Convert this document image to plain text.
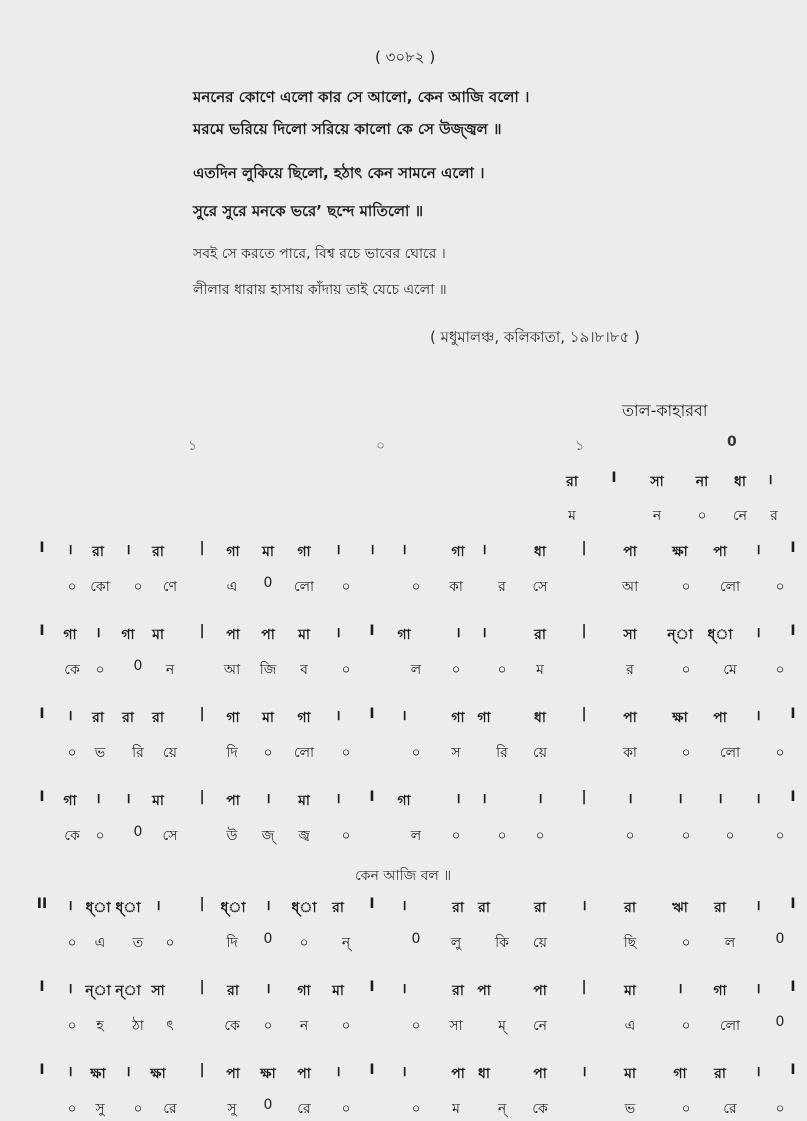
( ৩০৮২ )
মননের কোণে এলো কার সে আলো, কেন আজি বলো ।
মরমে ভরিয়ে দিলো সরিয়ে কালো কে সে উজ্জ্বল ॥
এতদিন লুকিয়ে ছিলো, হঠাৎ কেন সামনে এলো ।
সুরে সুরে মনকে ভরে’ ছন্দে মাতিলো ॥
সবই সে করতে পারে, বিশ্ব রচে ভাবের ঘোরে ।
লীলার ধারায় হাসায় কাঁদায় তাই যেচে এলো ॥
( মধুমালঞ্চ, কলিকাতা, ১৯।৮।৮৫ )
তাল-কাহারবা
১	০	১	0
রা I সা না ধা ।
ম	ন	০ নে র
I । রা । রা	| গা মা গা । । ।	গা ।	ধা	|	পা	ক্ষা পা । I
০ কো ০ ণে	এ 0 লো ০	০ কা	র সে	আ	০ লো	০
I গা । গা মা	| পা পা মা । I গা	। ।	রা	|	সা ন্‌া ধ্‌া । I
কে ০ 0 ন	আ জি ব ০	ল ০	০ ম	র	০ মে	০
I । রা রা রা	| গা মা গা । I ।	গা গা	ধা	|	পা	ক্ষা পা । I
০ ভ রি য়ে	দি ০ লো ০	০ স	রি য়ে	কা	০ লো	০
I গা । । মা	| পা । মা । I গা	। ।	।	|	।	। । । I
কে ০ 0 সে	উ জ্‌ জ্ব ০	ল ০	০ ০	০	০ ০	০
কেন আজি বল ॥
II । ধ্‌া ধ্‌া ।	| ধ্‌া । ধ্‌া রা I ।	রা রা	রা	।	রা	ঋা রা । I
০ এ ত ০	দি 0 ০ ন্‌	0 লু কি য়ে	ছি	০ ল	0
I । ন্‌া ন্‌া সা | রা । গা মা I ।	রা পা	পা |	মা	। গা । I
০ হ ঠা ৎ	কে ০ ন ০	০ সা	ম্‌ নে	এ	০ লো	0
I । ক্ষা । ক্ষা | পা ক্ষা পা । I ।	পা ধা	পা ।	মা	গা রা । I
০ সু ০ রে	সু 0 রে ০	০ ম	ন্‌ কে	ভ	০ রে	০
